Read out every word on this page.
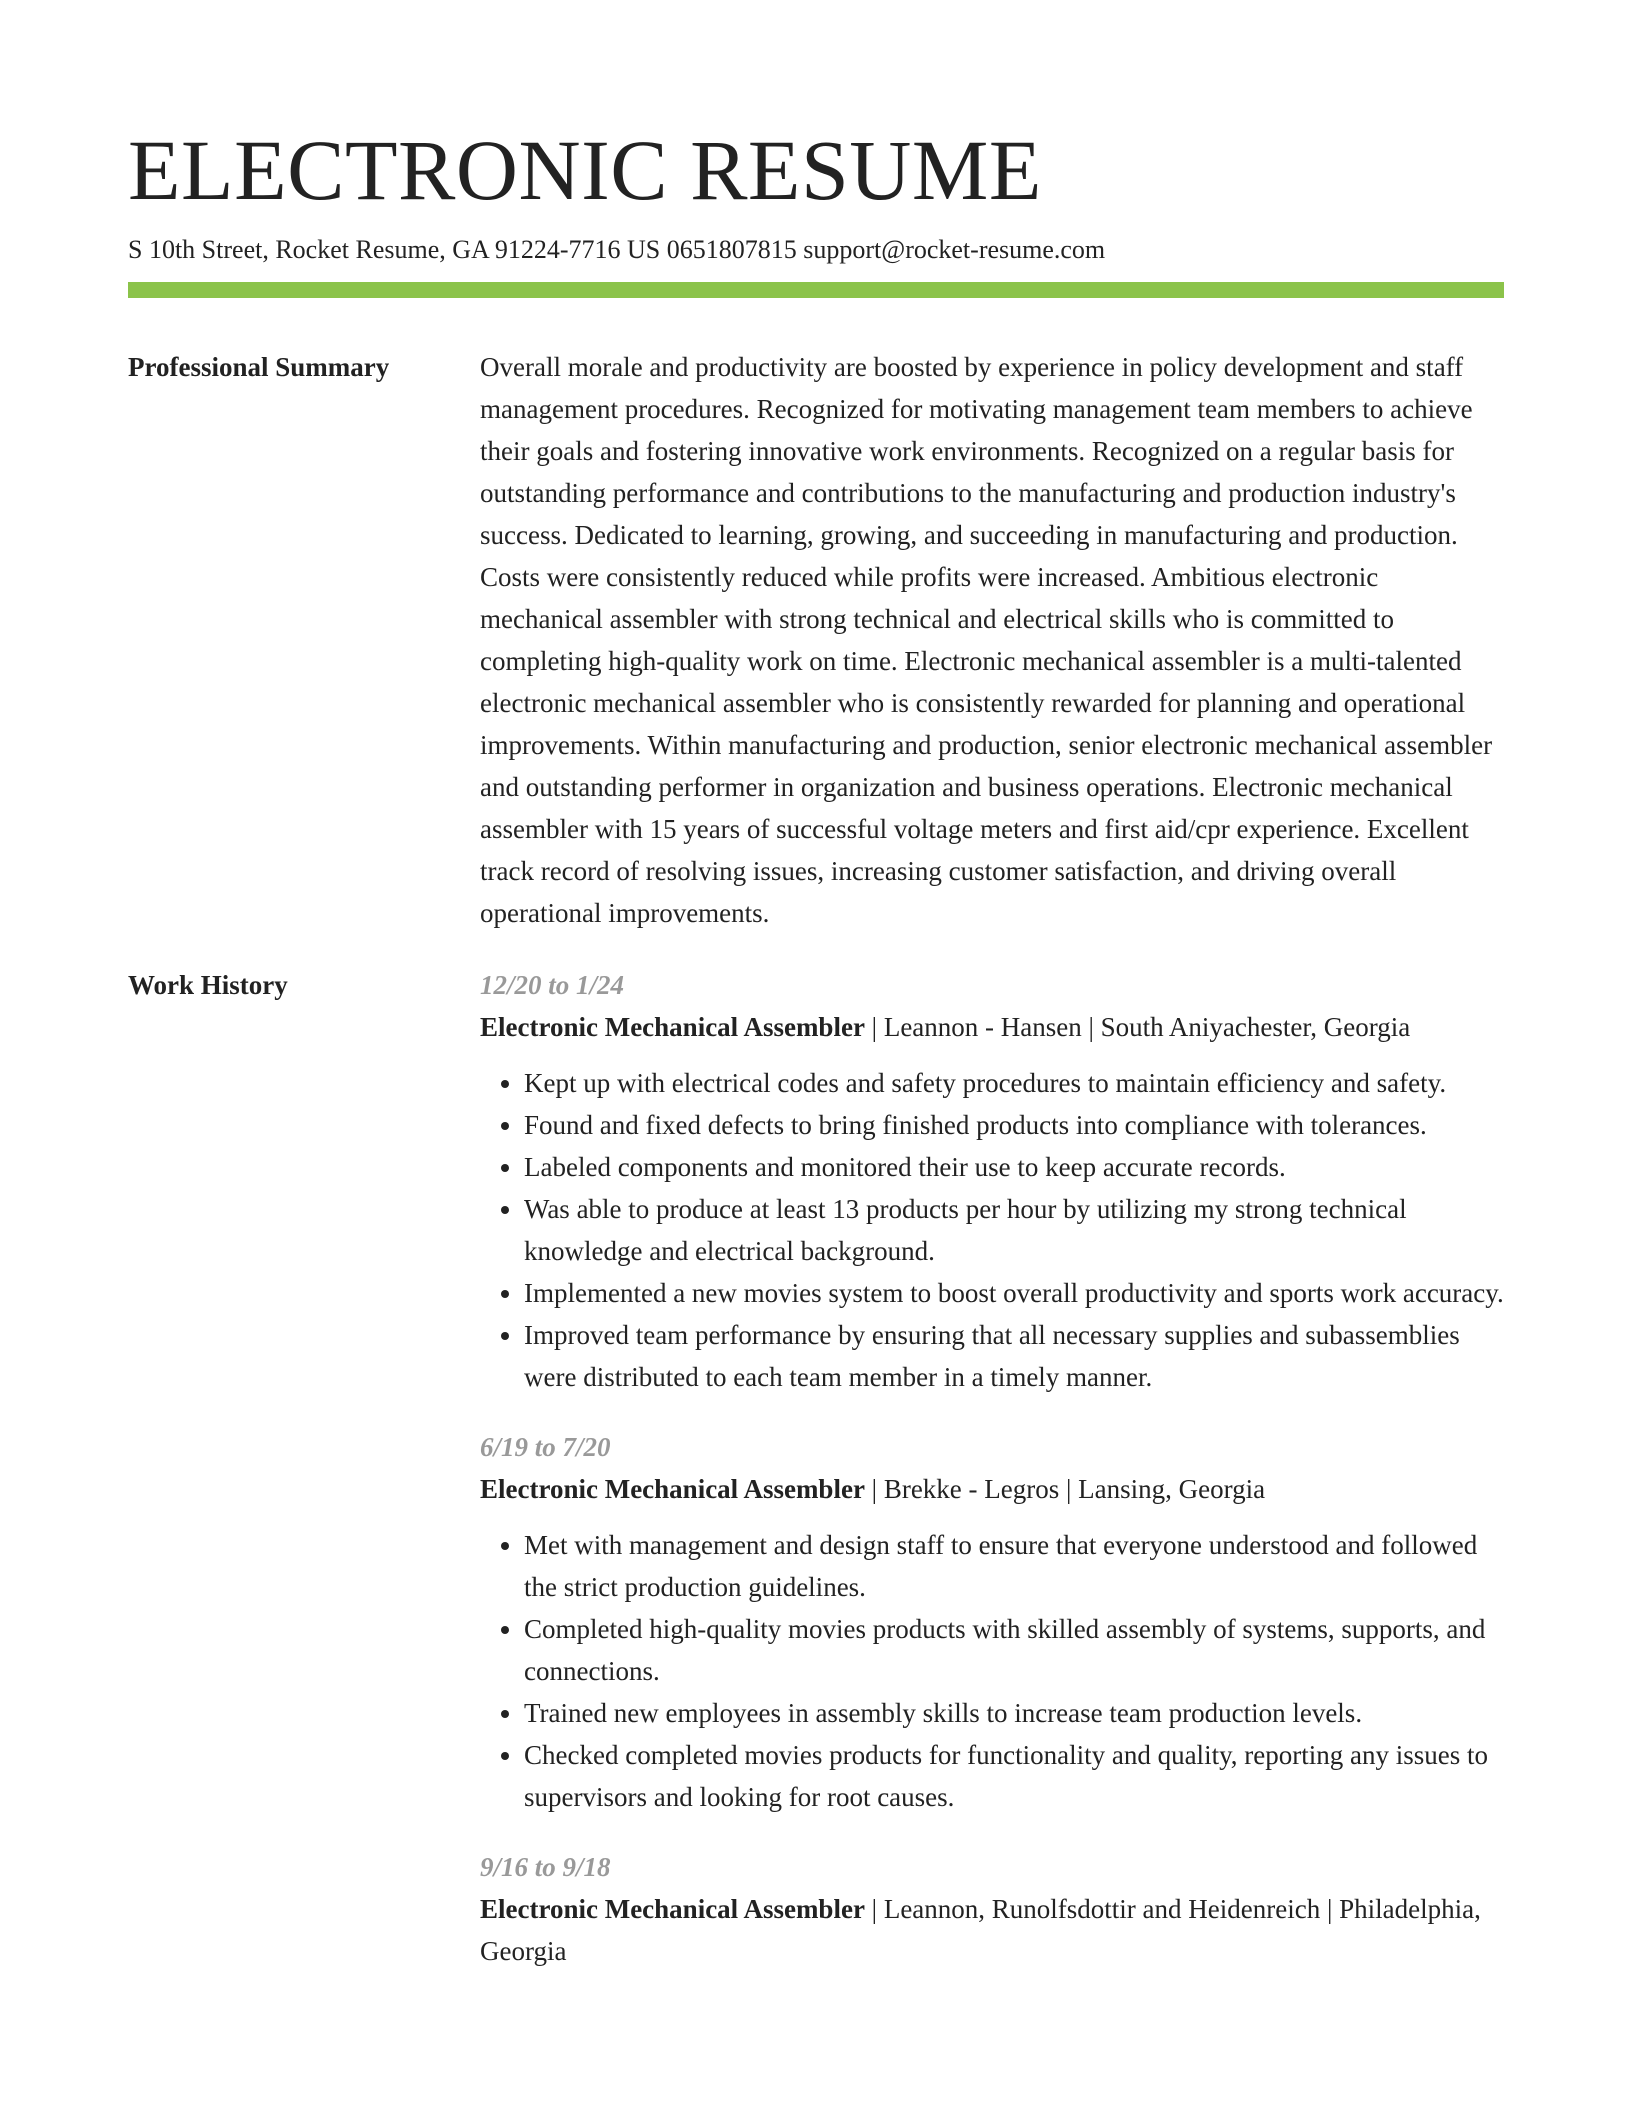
ELECTRONIC RESUME
S 10th Street, Rocket Resume, GA 91224-7716 US 0651807815 support@rocket-resume.com
Professional Summary	Overall morale and productivity are boosted by experience in policy development and staff management procedures. Recognized for motivating management team members to achieve their goals and fostering innovative work environments. Recognized on a regular basis for outstanding performance and contributions to the manufacturing and production industry's success. Dedicated to learning, growing, and succeeding in manufacturing and production. Costs were consistently reduced while profits were increased. Ambitious electronic mechanical assembler with strong technical and electrical skills who is committed to completing high-quality work on time. Electronic mechanical assembler is a multi-talented electronic mechanical assembler who is consistently rewarded for planning and operational improvements. Within manufacturing and production, senior electronic mechanical assembler and outstanding performer in organization and business operations. Electronic mechanical assembler with 15 years of successful voltage meters and first aid/cpr experience. Excellent track record of resolving issues, increasing customer satisfaction, and driving overall operational improvements.

Work History	12/20 to 1/24
Electronic Mechanical Assembler | Leannon - Hansen | South Aniyachester, Georgia
• Kept up with electrical codes and safety procedures to maintain efficiency and safety.
• Found and fixed defects to bring finished products into compliance with tolerances.
• Labeled components and monitored their use to keep accurate records.
• Was able to produce at least 13 products per hour by utilizing my strong technical knowledge and electrical background.
• Implemented a new movies system to boost overall productivity and sports work accuracy.
• Improved team performance by ensuring that all necessary supplies and subassemblies were distributed to each team member in a timely manner.
6/19 to 7/20
Electronic Mechanical Assembler | Brekke - Legros | Lansing, Georgia
• Met with management and design staff to ensure that everyone understood and followed the strict production guidelines.
• Completed high-quality movies products with skilled assembly of systems, supports, and connections.
• Trained new employees in assembly skills to increase team production levels.
• Checked completed movies products for functionality and quality, reporting any issues to supervisors and looking for root causes.
9/16 to 9/18
Electronic Mechanical Assembler | Leannon, Runolfsdottir and Heidenreich | Philadelphia, Georgia
